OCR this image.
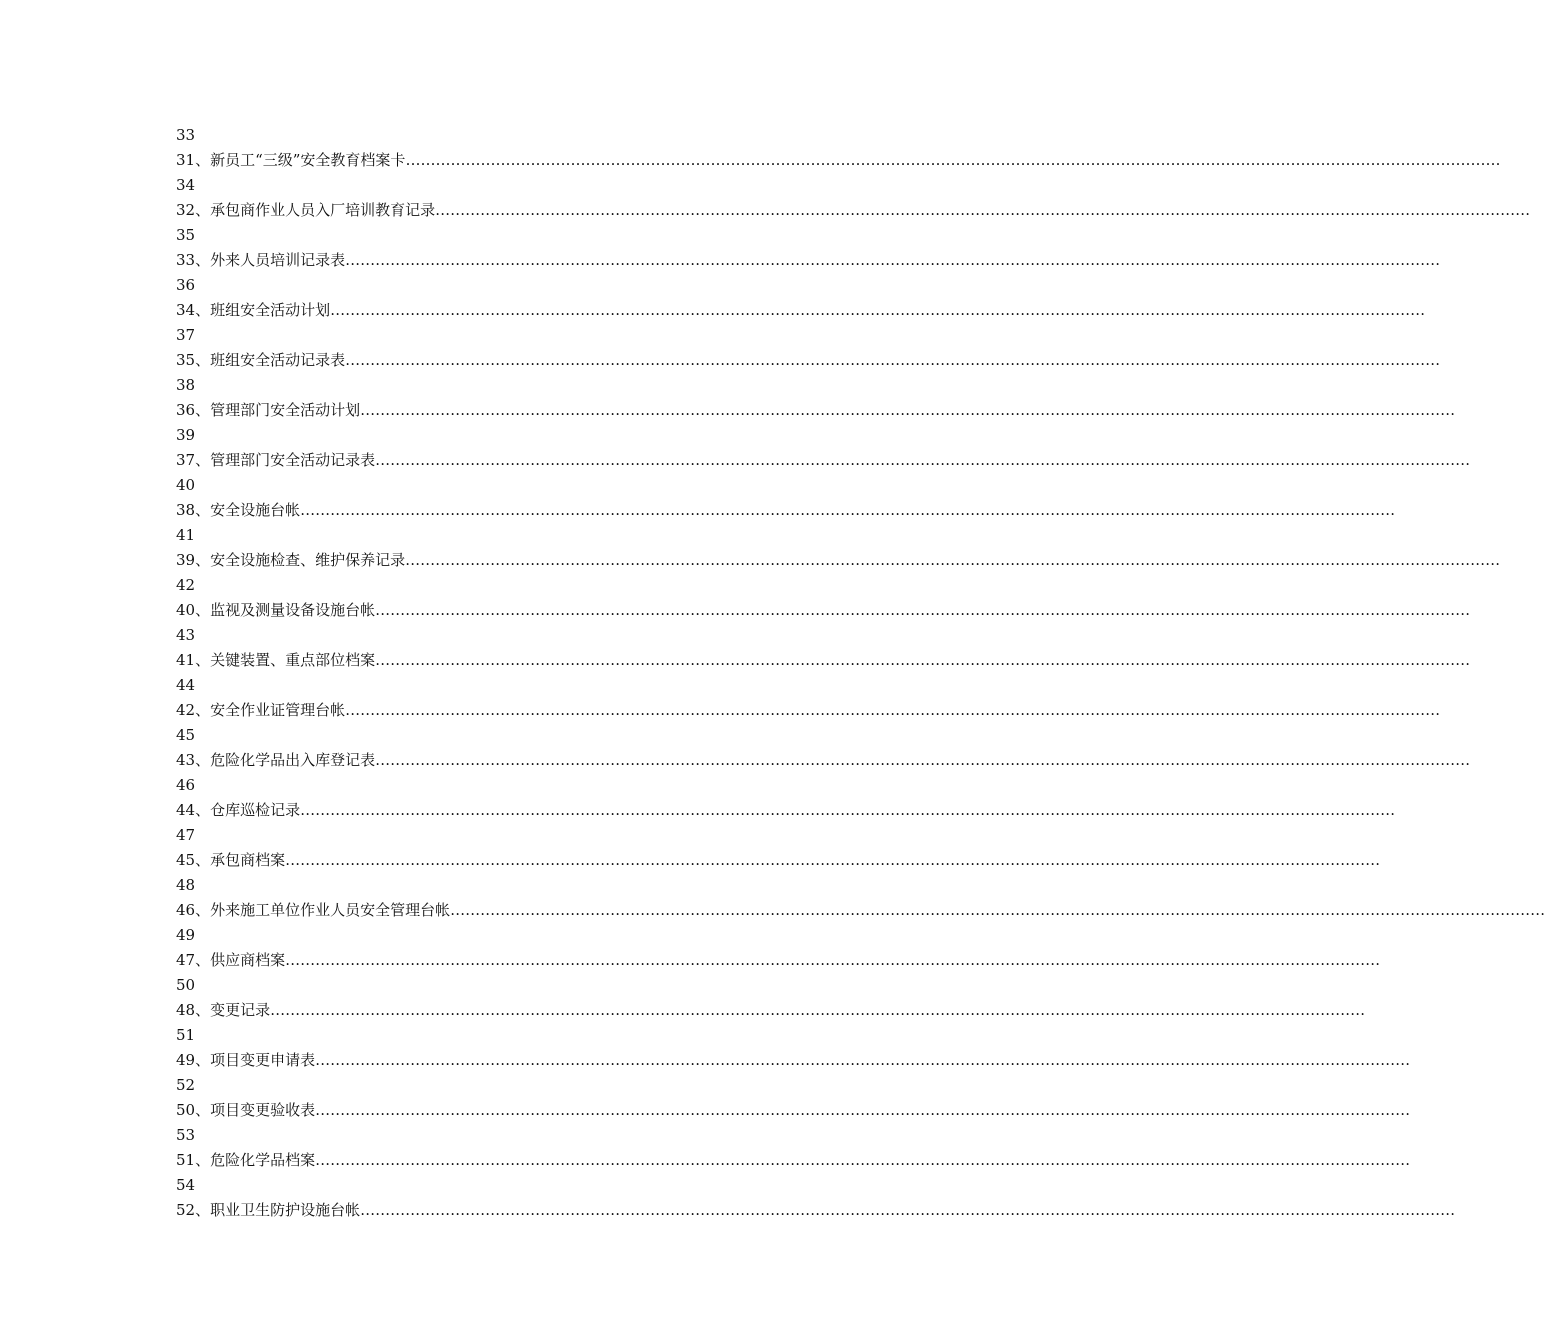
33
31、新员工“三级”安全教育档案卡 …………………………………………………………………………………………………………………………………………………………………………………………………
34
32、承包商作业人员入厂培训教育记录 …………………………………………………………………………………………………………………………………………………………………………………………………
35
33、外来人员培训记录表 …………………………………………………………………………………………………………………………………………………………………………………………………
36
34、班组安全活动计划 …………………………………………………………………………………………………………………………………………………………………………………………………
37
35、班组安全活动记录表 …………………………………………………………………………………………………………………………………………………………………………………………………
38
36、管理部门安全活动计划 …………………………………………………………………………………………………………………………………………………………………………………………………
39
37、管理部门安全活动记录表 …………………………………………………………………………………………………………………………………………………………………………………………………
40
38、安全设施台帐 …………………………………………………………………………………………………………………………………………………………………………………………………
41
39、安全设施检查、维护保养记录 …………………………………………………………………………………………………………………………………………………………………………………………………
42
40、监视及测量设备设施台帐 …………………………………………………………………………………………………………………………………………………………………………………………………
43
41、关键装置、重点部位档案 …………………………………………………………………………………………………………………………………………………………………………………………………
44
42、安全作业证管理台帐 …………………………………………………………………………………………………………………………………………………………………………………………………
45
43、危险化学品出入库登记表 …………………………………………………………………………………………………………………………………………………………………………………………………
46
44、仓库巡检记录 …………………………………………………………………………………………………………………………………………………………………………………………………
47
45、承包商档案 …………………………………………………………………………………………………………………………………………………………………………………………………
48
46、外来施工单位作业人员安全管理台帐 …………………………………………………………………………………………………………………………………………………………………………………………………
49
47、供应商档案 …………………………………………………………………………………………………………………………………………………………………………………………………
50
48、变更记录 …………………………………………………………………………………………………………………………………………………………………………………………………
51
49、项目变更申请表 …………………………………………………………………………………………………………………………………………………………………………………………………
52
50、项目变更验收表 …………………………………………………………………………………………………………………………………………………………………………………………………
53
51、危险化学品档案 …………………………………………………………………………………………………………………………………………………………………………………………………
54
52、职业卫生防护设施台帐 …………………………………………………………………………………………………………………………………………………………………………………………………
